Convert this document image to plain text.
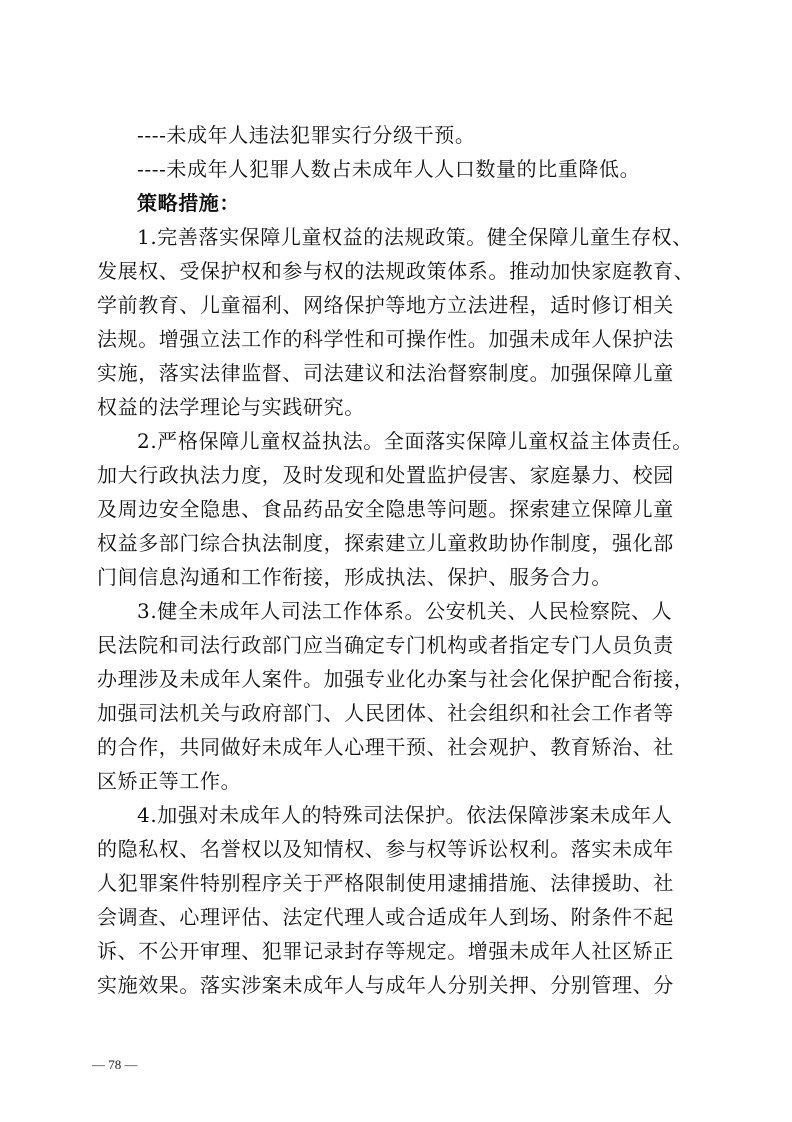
----未成年人违法犯罪实行分级干预。
----未成年人犯罪人数占未成年人人口数量的比重降低。
策略措施：
1.完善落实保障儿童权益的法规政策。健全保障儿童生存权、
发展权、受保护权和参与权的法规政策体系。推动加快家庭教育、
学前教育、儿童福利、网络保护等地方立法进程，适时修订相关
法规。增强立法工作的科学性和可操作性。加强未成年人保护法
实施，落实法律监督、司法建议和法治督察制度。加强保障儿童
权益的法学理论与实践研究。
2.严格保障儿童权益执法。全面落实保障儿童权益主体责任。
加大行政执法力度，及时发现和处置监护侵害、家庭暴力、校园
及周边安全隐患、食品药品安全隐患等问题。探索建立保障儿童
权益多部门综合执法制度，探索建立儿童救助协作制度，强化部
门间信息沟通和工作衔接，形成执法、保护、服务合力。
3.健全未成年人司法工作体系。公安机关、人民检察院、人
民法院和司法行政部门应当确定专门机构或者指定专门人员负责
办理涉及未成年人案件。加强专业化办案与社会化保护配合衔接，
加强司法机关与政府部门、人民团体、社会组织和社会工作者等
的合作，共同做好未成年人心理干预、社会观护、教育矫治、社
区矫正等工作。
4.加强对未成年人的特殊司法保护。依法保障涉案未成年人
的隐私权、名誉权以及知情权、参与权等诉讼权利。落实未成年
人犯罪案件特别程序关于严格限制使用逮捕措施、法律援助、社
会调查、心理评估、法定代理人或合适成年人到场、附条件不起
诉、不公开审理、犯罪记录封存等规定。增强未成年人社区矫正
实施效果。落实涉案未成年人与成年人分别关押、分别管理、分
— 78 —
